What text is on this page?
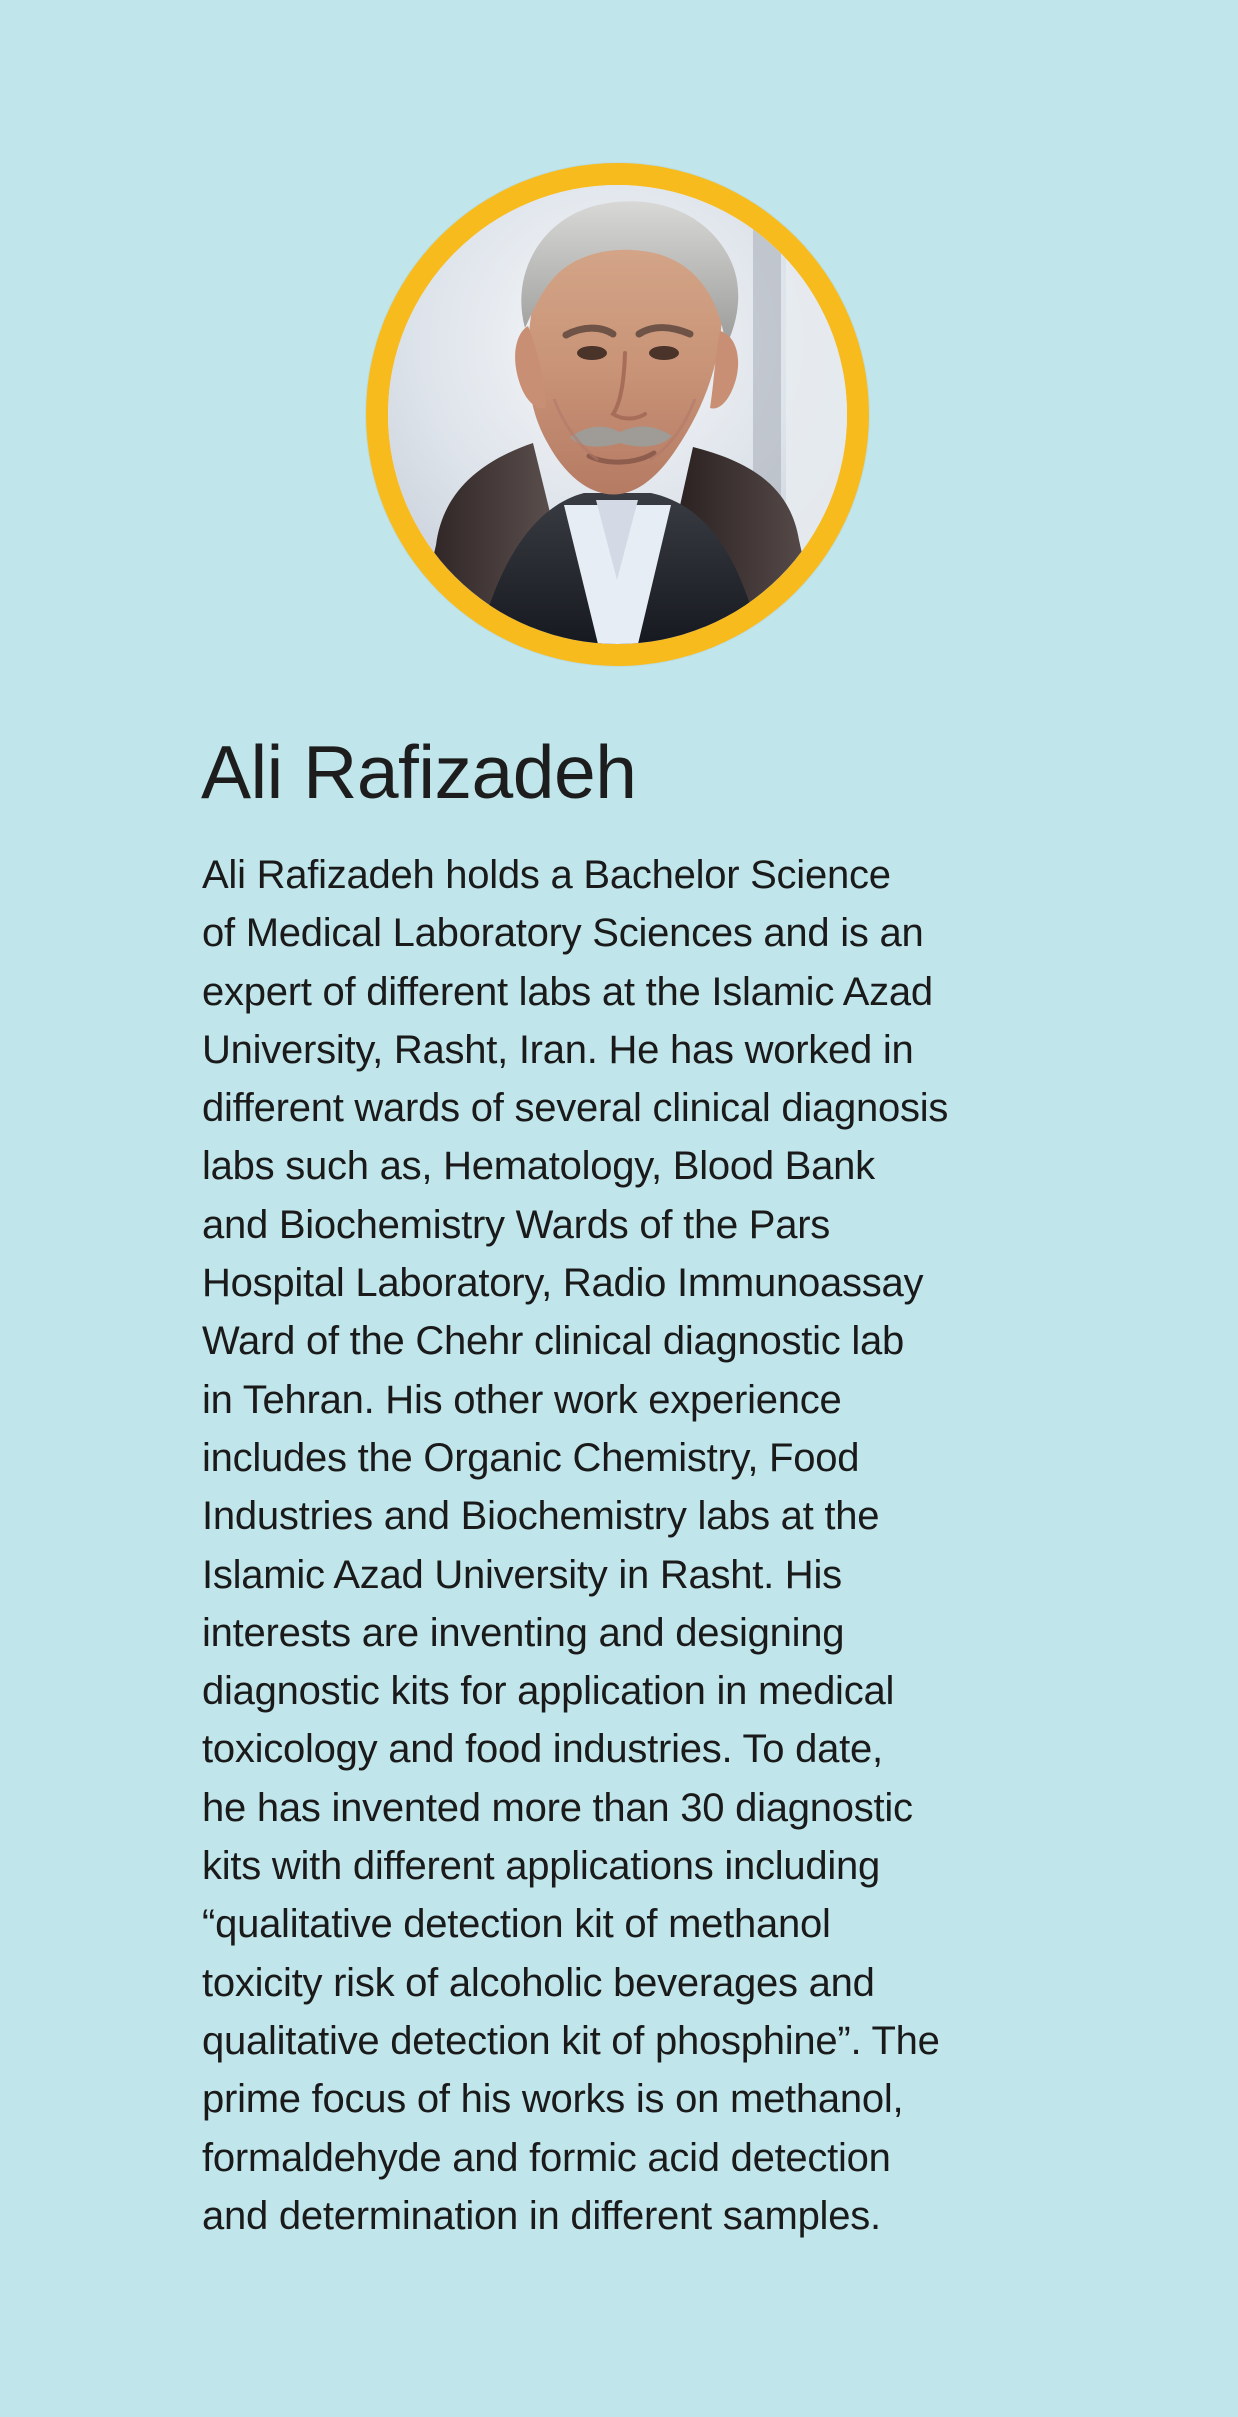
Ali Rafizadeh

Ali Rafizadeh holds a Bachelor Science
of Medical Laboratory Sciences and is an
expert of different labs at the Islamic Azad
University, Rasht, Iran. He has worked in
different wards of several clinical diagnosis
labs such as, Hematology, Blood Bank
and Biochemistry Wards of the Pars
Hospital Laboratory, Radio Immunoassay
Ward of the Chehr clinical diagnostic lab
in Tehran. His other work experience
includes the Organic Chemistry, Food
Industries and Biochemistry labs at the
Islamic Azad University in Rasht. His
interests are inventing and designing
diagnostic kits for application in medical
toxicology and food industries. To date,
he has invented more than 30 diagnostic
kits with different applications including
“qualitative detection kit of methanol
toxicity risk of alcoholic beverages and
qualitative detection kit of phosphine”. The
prime focus of his works is on methanol,
formaldehyde and formic acid detection
and determination in different samples.
